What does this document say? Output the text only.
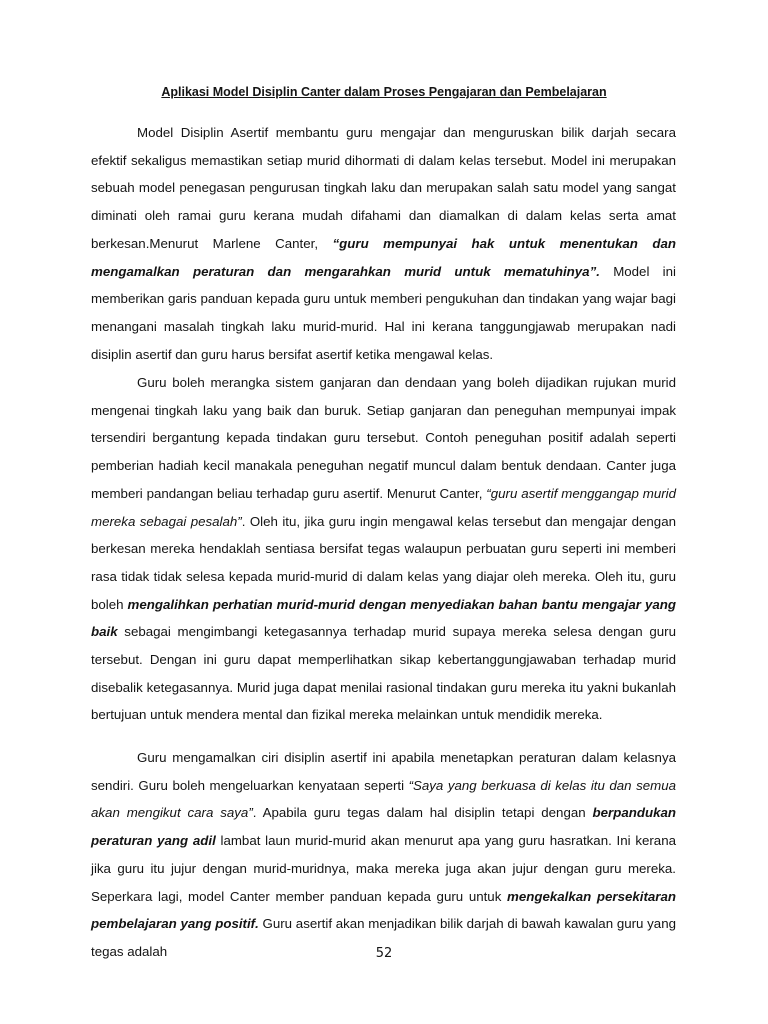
Aplikasi Model Disiplin Canter dalam Proses Pengajaran dan Pembelajaran

Model Disiplin Asertif membantu guru mengajar dan menguruskan bilik darjah secara efektif sekaligus memastikan setiap murid dihormati di dalam kelas tersebut. Model ini merupakan sebuah model penegasan pengurusan tingkah laku dan merupakan salah satu model yang sangat diminati oleh ramai guru kerana mudah difahami dan diamalkan di dalam kelas serta amat berkesan.Menurut Marlene Canter, “guru mempunyai hak untuk menentukan dan mengamalkan peraturan dan mengarahkan murid untuk mematuhinya”. Model ini memberikan garis panduan kepada guru untuk memberi pengukuhan dan tindakan yang wajar bagi menangani masalah tingkah laku murid-murid. Hal ini kerana tanggungjawab merupakan nadi disiplin asertif dan guru harus bersifat asertif ketika mengawal kelas.

Guru boleh merangka sistem ganjaran dan dendaan yang boleh dijadikan rujukan murid mengenai tingkah laku yang baik dan buruk. Setiap ganjaran dan peneguhan mempunyai impak tersendiri bergantung kepada tindakan guru tersebut. Contoh peneguhan positif adalah seperti pemberian hadiah kecil manakala peneguhan negatif muncul dalam bentuk dendaan. Canter juga memberi pandangan beliau terhadap guru asertif. Menurut Canter, “guru asertif menggangap murid mereka sebagai pesalah”. Oleh itu, jika guru ingin mengawal kelas tersebut dan mengajar dengan berkesan mereka hendaklah sentiasa bersifat tegas walaupun perbuatan guru seperti ini memberi rasa tidak tidak selesa kepada murid-murid di dalam kelas yang diajar oleh mereka. Oleh itu, guru boleh mengalihkan perhatian murid-murid dengan menyediakan bahan bantu mengajar yang baik sebagai mengimbangi ketegasannya terhadap murid supaya mereka selesa dengan guru tersebut. Dengan ini guru dapat memperlihatkan sikap kebertanggungjawaban terhadap murid disebalik ketegasannya. Murid juga dapat menilai rasional tindakan guru mereka itu yakni bukanlah bertujuan untuk mendera mental dan fizikal mereka melainkan untuk mendidik mereka.

Guru mengamalkan ciri disiplin asertif ini apabila menetapkan peraturan dalam kelasnya sendiri. Guru boleh mengeluarkan kenyataan seperti “Saya yang berkuasa di kelas itu dan semua akan mengikut cara saya”. Apabila guru tegas dalam hal disiplin tetapi dengan berpandukan peraturan yang adil lambat laun murid-murid akan menurut apa yang guru hasratkan. Ini kerana jika guru itu jujur dengan murid-muridnya, maka mereka juga akan jujur dengan guru mereka. Seperkara lagi, model Canter member panduan kepada guru untuk mengekalkan persekitaran pembelajaran yang positif. Guru asertif akan menjadikan bilik darjah di bawah kawalan guru yang tegas adalah	52
